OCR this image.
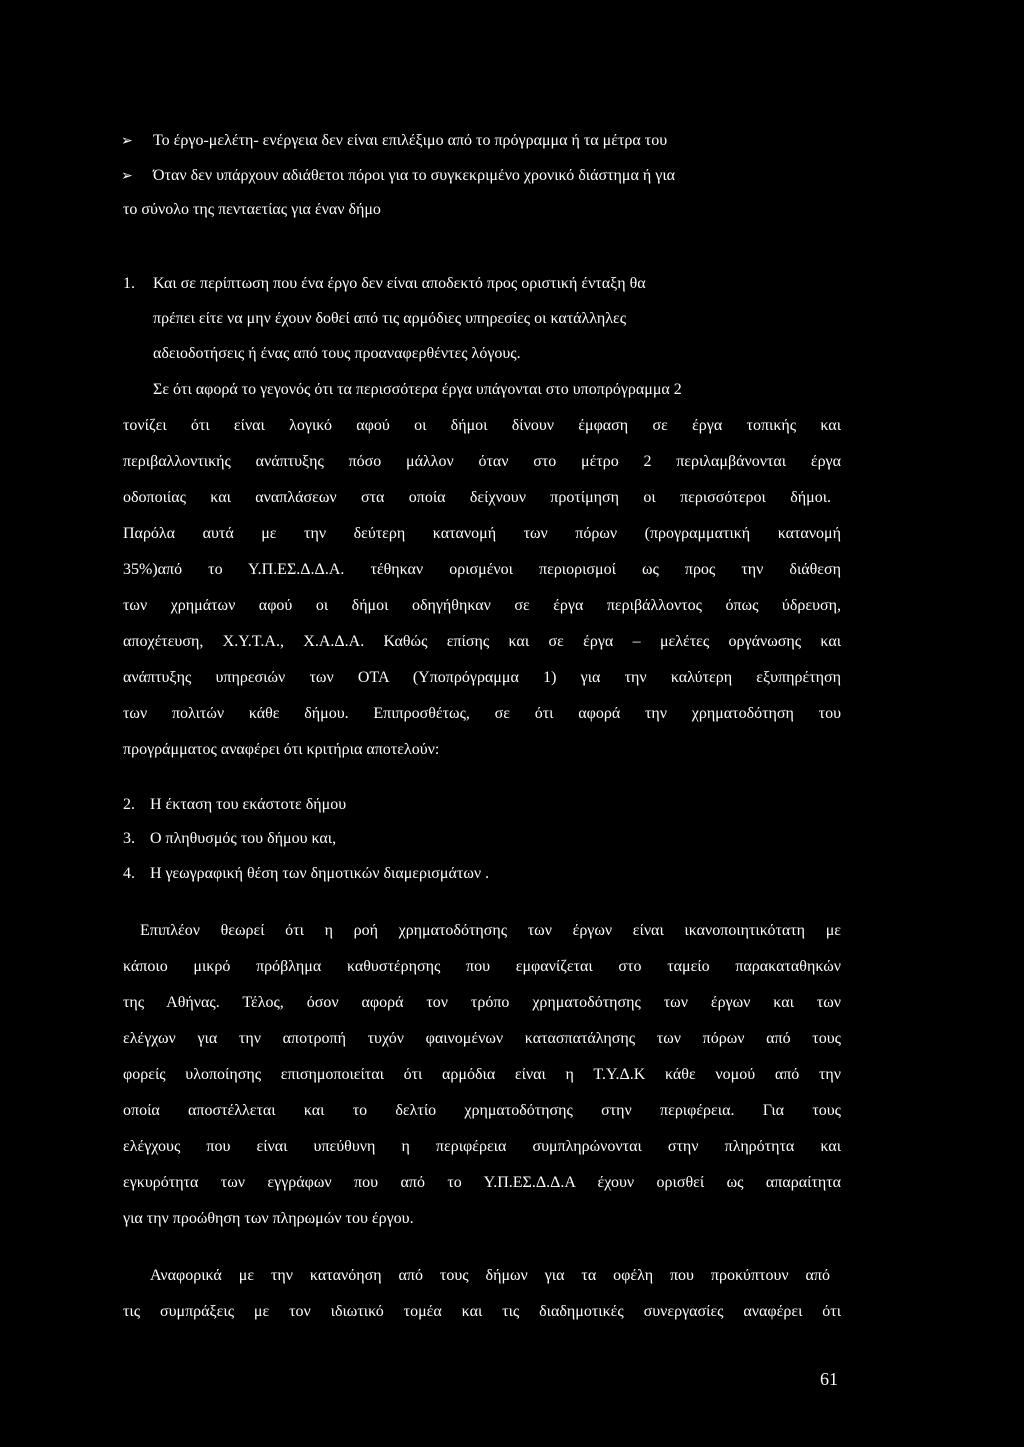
➢ Το έργο-μελέτη- ενέργεια δεν είναι επιλέξιμο από το πρόγραμμα ή τα μέτρα του
➢ Όταν δεν υπάρχουν αδιάθετοι πόροι για το συγκεκριμένο χρονικό διάστημα ή για
το σύνολο της πενταετίας για έναν δήμο
1. Και σε περίπτωση που ένα έργο δεν είναι αποδεκτό προς οριστική ένταξη θα
πρέπει είτε να μην έχουν δοθεί από τις αρμόδιες υπηρεσίες οι κατάλληλες
αδειοδοτήσεις ή ένας από τους προαναφερθέντες λόγους.
Σε ότι αφορά το γεγονός ότι τα περισσότερα έργα υπάγονται στο υποπρόγραμμα 2
τονίζει ότι είναι λογικό αφού οι δήμοι δίνουν έμφαση σε έργα τοπικής και
περιβαλλοντικής ανάπτυξης πόσο μάλλον όταν στο μέτρο 2 περιλαμβάνονται έργα
οδοποιίας και αναπλάσεων στα οποία δείχνουν προτίμηση οι περισσότεροι δήμοι.
Παρόλα αυτά με την δεύτερη κατανομή των πόρων (προγραμματική κατανομή
35%)από το Υ.Π.ΕΣ.Δ.Δ.Α. τέθηκαν ορισμένοι περιορισμοί ως προς την διάθεση
των χρημάτων αφού οι δήμοι οδηγήθηκαν σε έργα περιβάλλοντος όπως ύδρευση,
αποχέτευση, Χ.Υ.Τ.Α., Χ.Α.Δ.Α. Καθώς επίσης και σε έργα – μελέτες οργάνωσης και
ανάπτυξης υπηρεσιών των ΟΤΑ (Υποπρόγραμμα 1) για την καλύτερη εξυπηρέτηση
των πολιτών κάθε δήμου. Επιπροσθέτως, σε ότι αφορά την χρηματοδότηση του
προγράμματος αναφέρει ότι κριτήρια αποτελούν:
2. Η έκταση του εκάστοτε δήμου
3. Ο πληθυσμός του δήμου και,
4. Η γεωγραφική θέση των δημοτικών διαμερισμάτων .
Επιπλέον θεωρεί ότι η ροή χρηματοδότησης των έργων είναι ικανοποιητικότατη με
κάποιο μικρό πρόβλημα καθυστέρησης που εμφανίζεται στο ταμείο παρακαταθηκών
της Αθήνας. Τέλος, όσον αφορά τον τρόπο χρηματοδότησης των έργων και των
ελέγχων για την αποτροπή τυχόν φαινομένων κατασπατάλησης των πόρων από τους
φορείς υλοποίησης επισημοποιείται ότι αρμόδια είναι η Τ.Υ.Δ.Κ κάθε νομού από την
οποία αποστέλλεται και το δελτίο χρηματοδότησης στην περιφέρεια. Για τους
ελέγχους που είναι υπεύθυνη η περιφέρεια συμπληρώνονται στην πληρότητα και
εγκυρότητα των εγγράφων που από το Υ.Π.ΕΣ.Δ.Δ.Α έχουν ορισθεί ως απαραίτητα
για την προώθηση των πληρωμών του έργου.
Αναφορικά με την κατανόηση από τους δήμων για τα οφέλη που προκύπτουν από
τις συμπράξεις με τον ιδιωτικό τομέα και τις διαδημοτικές συνεργασίες αναφέρει ότι
61
